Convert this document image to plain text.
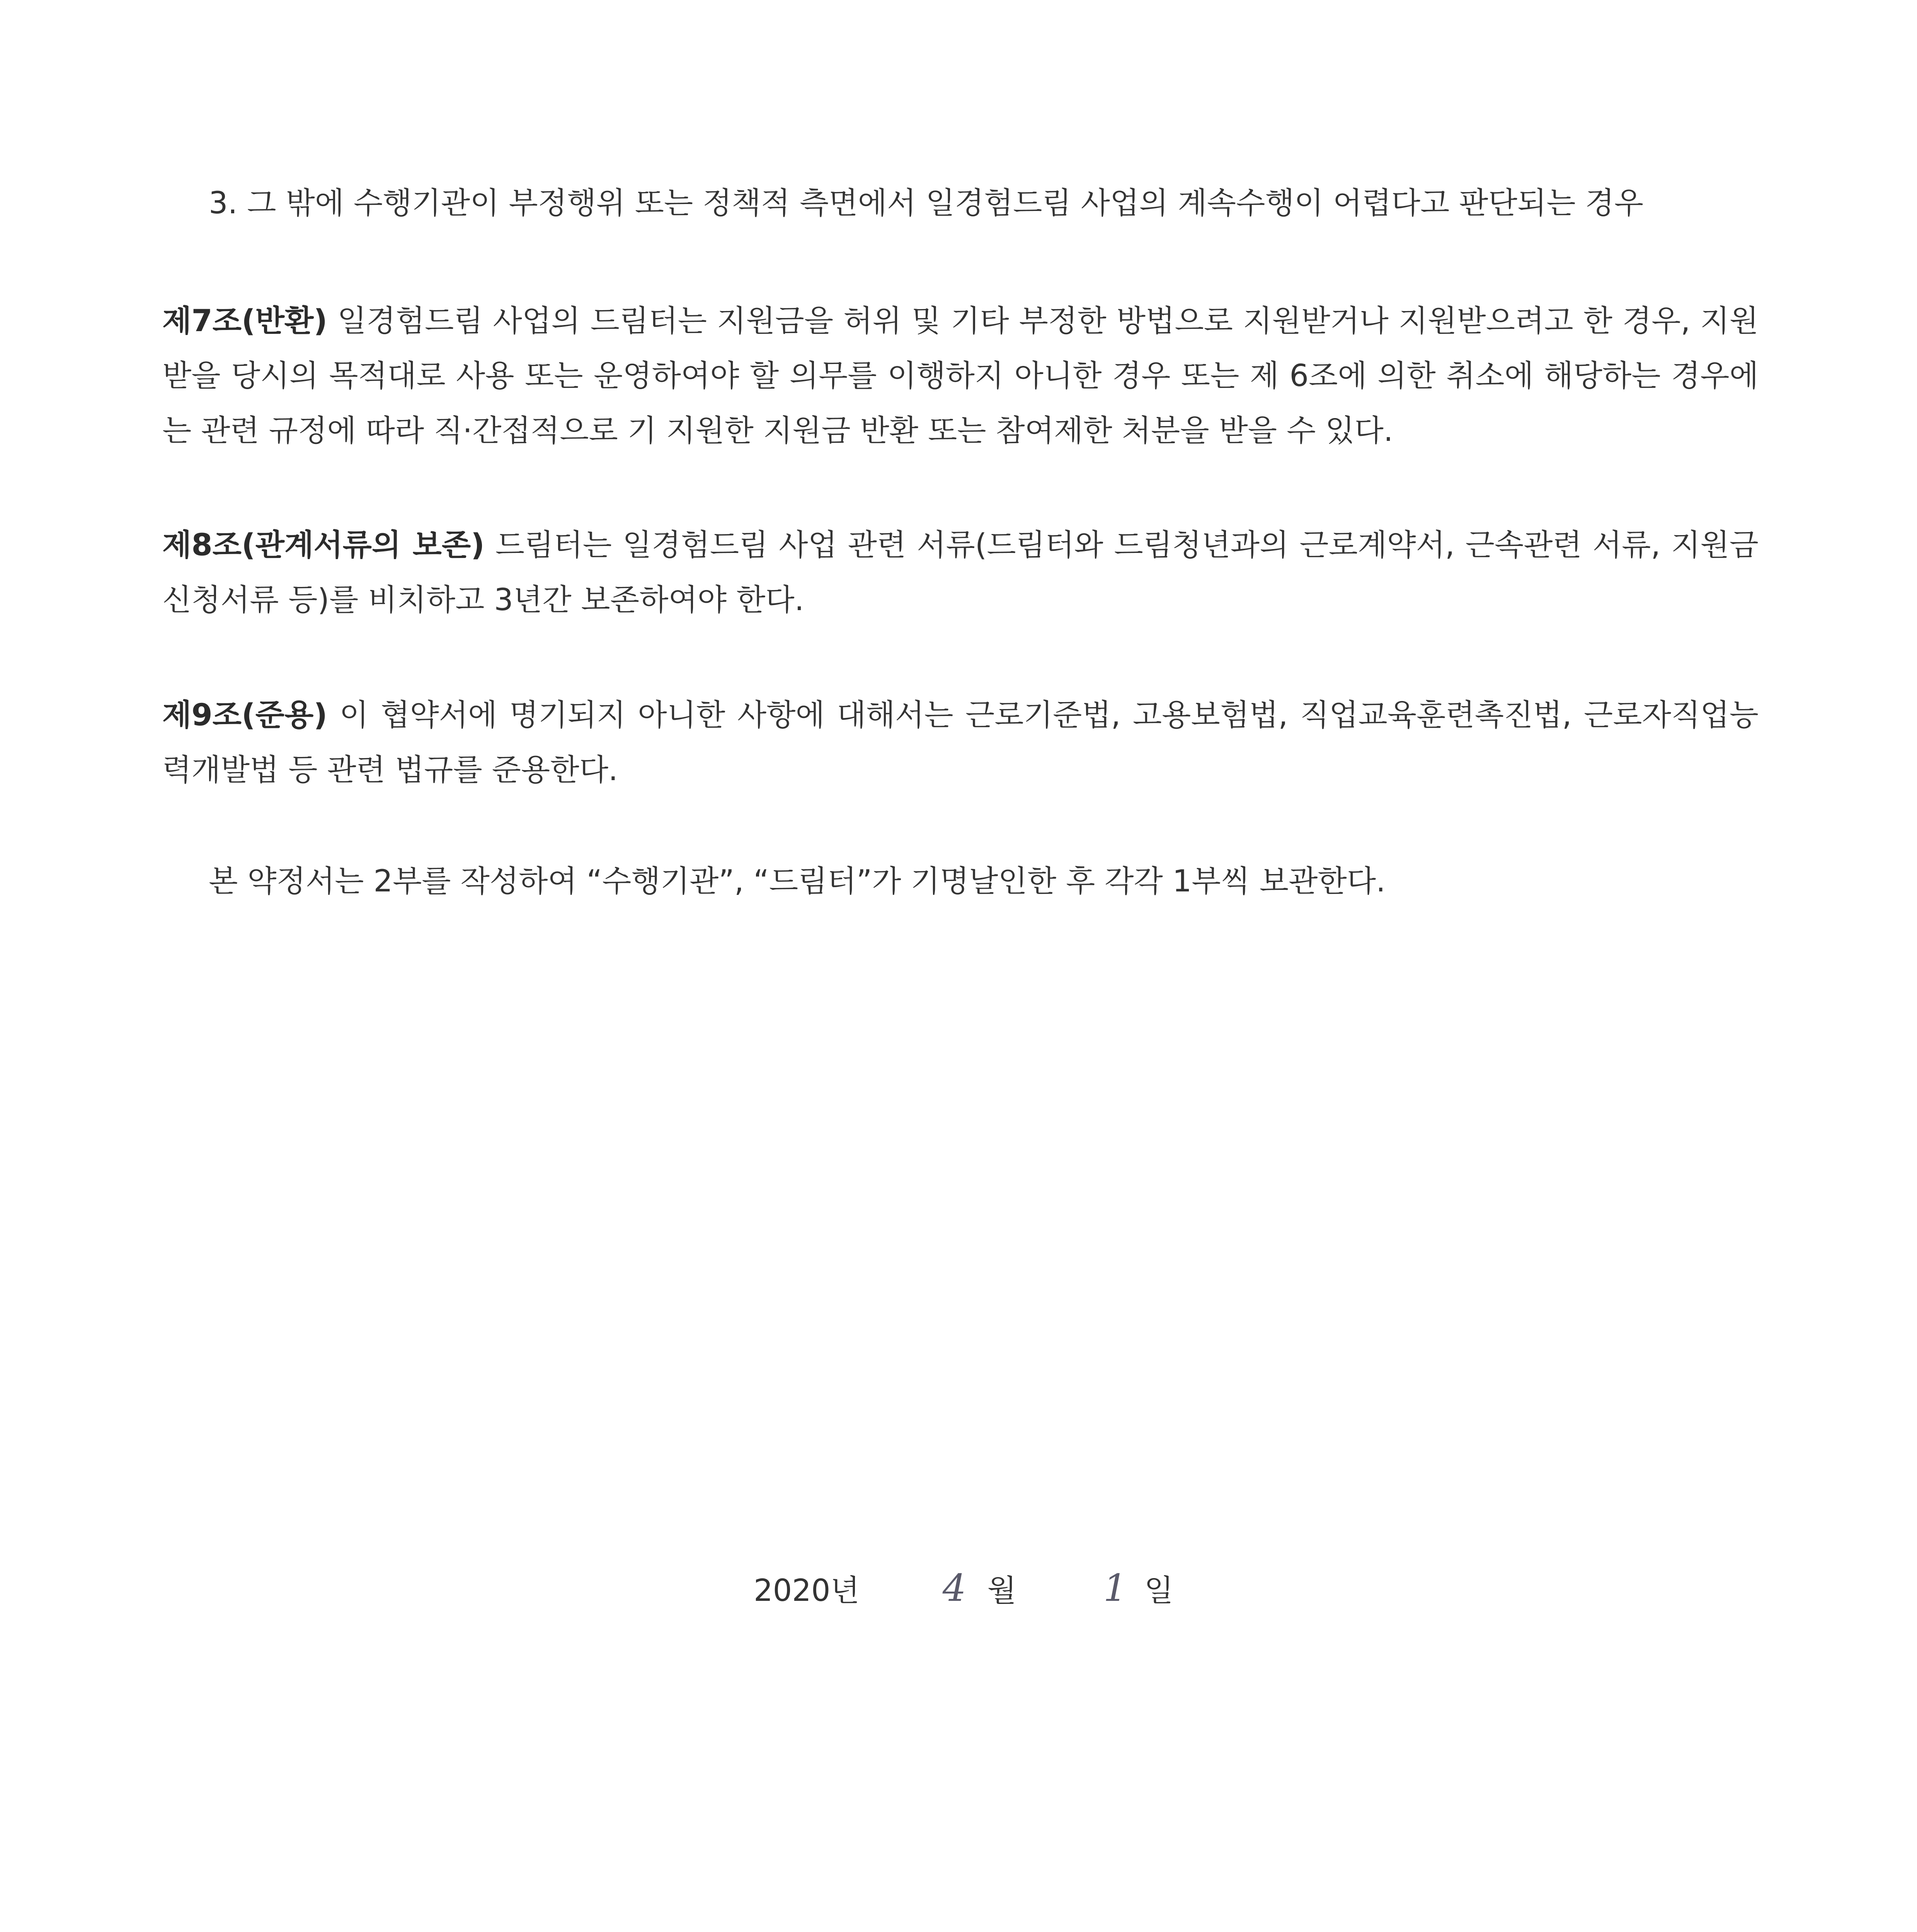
3. 그 밖에 수행기관이 부정행위 또는 정책적 측면에서 일경험드림 사업의 계속수행이 어렵다고 판단되는 경우

제7조(반환) 일경험드림 사업의 드림터는 지원금을 허위 및 기타 부정한 방법으로 지원받거나 지원받으려고 한 경우, 지원받을 당시의 목적대로 사용 또는 운영하여야 할 의무를 이행하지 아니한 경우 또는 제 6조에 의한 취소에 해당하는 경우에는 관련 규정에 따라 직·간접적으로 기 지원한 지원금 반환 또는 참여제한 처분을 받을 수 있다.

제8조(관계서류의 보존) 드림터는 일경험드림 사업 관련 서류(드림터와 드림청년과의 근로계약서, 근속관련 서류, 지원금 신청서류 등)를 비치하고 3년간 보존하여야 한다.

제9조(준용) 이 협약서에 명기되지 아니한 사항에 대해서는 근로기준법, 고용보험법, 직업교육훈련촉진법, 근로자직업능력개발법 등 관련 법규를 준용한다.

본 약정서는 2부를 작성하여 “수행기관”, “드림터”가 기명날인한 후 각각 1부씩 보관한다.

2020년 4 월 1 일
